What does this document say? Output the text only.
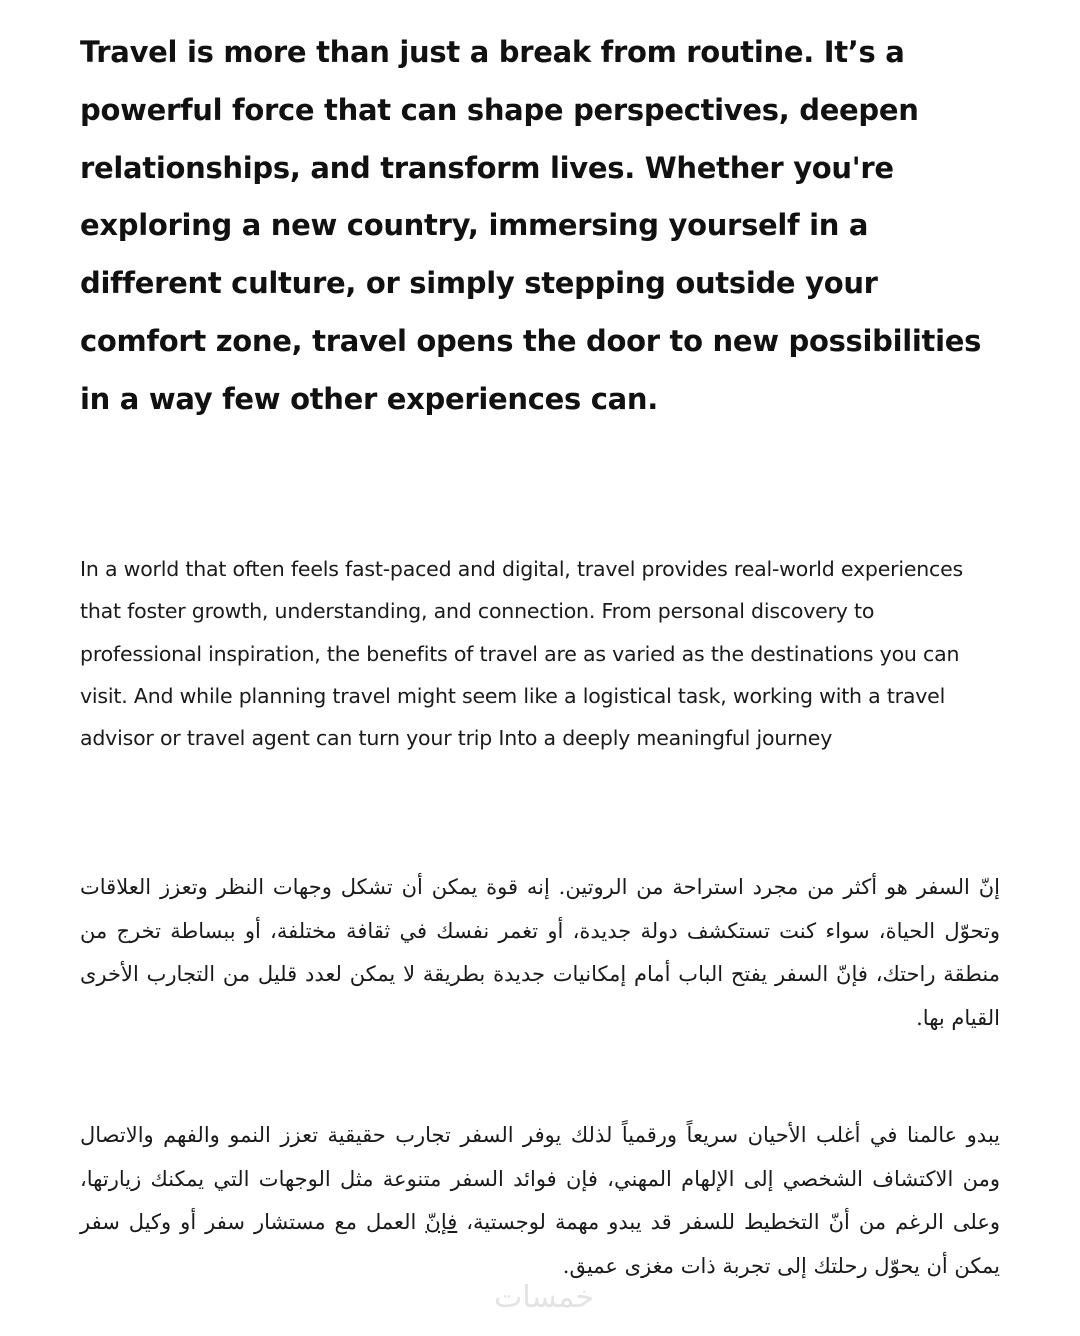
Travel is more than just a break from routine. It’s a powerful force that can shape perspectives, deepen relationships, and transform lives. Whether you're exploring a new country, immersing yourself in a different culture, or simply stepping outside your comfort zone, travel opens the door to new possibilities in a way few other experiences can.

In a world that often feels fast-paced and digital, travel provides real-world experiences that foster growth, understanding, and connection. From personal discovery to professional inspiration, the benefits of travel are as varied as the destinations you can visit. And while planning travel might seem like a logistical task, working with a travel advisor or travel agent can turn your trip Into a deeply meaningful journey

إنّ السفر هو أكثر من مجرد استراحة من الروتين. إنه قوة يمكن أن تشكل وجهات النظر وتعزز العلاقات وتحوّل الحياة، سواء كنت تستكشف دولة جديدة، أو تغمر نفسك في ثقافة مختلفة، أو ببساطة تخرج من منطقة راحتك، فإنّ السفر يفتح الباب أمام إمكانيات جديدة بطريقة لا يمكن لعدد قليل من التجارب الأخرى القيام بها.

يبدو عالمنا في أغلب الأحيان سريعاً ورقمياً لذلك يوفر السفر تجارب حقيقية تعزز النمو والفهم والاتصال ومن الاكتشاف الشخصي إلى الإلهام المهني، فإن فوائد السفر متنوعة مثل الوجهات التي يمكنك زيارتها، وعلى الرغم من أنّ التخطيط للسفر قد يبدو مهمة لوجستية، فإنّ العمل مع مستشار سفر أو وكيل سفر يمكن أن يحوّل رحلتك إلى تجربة ذات مغزى عميق.

خمسات
